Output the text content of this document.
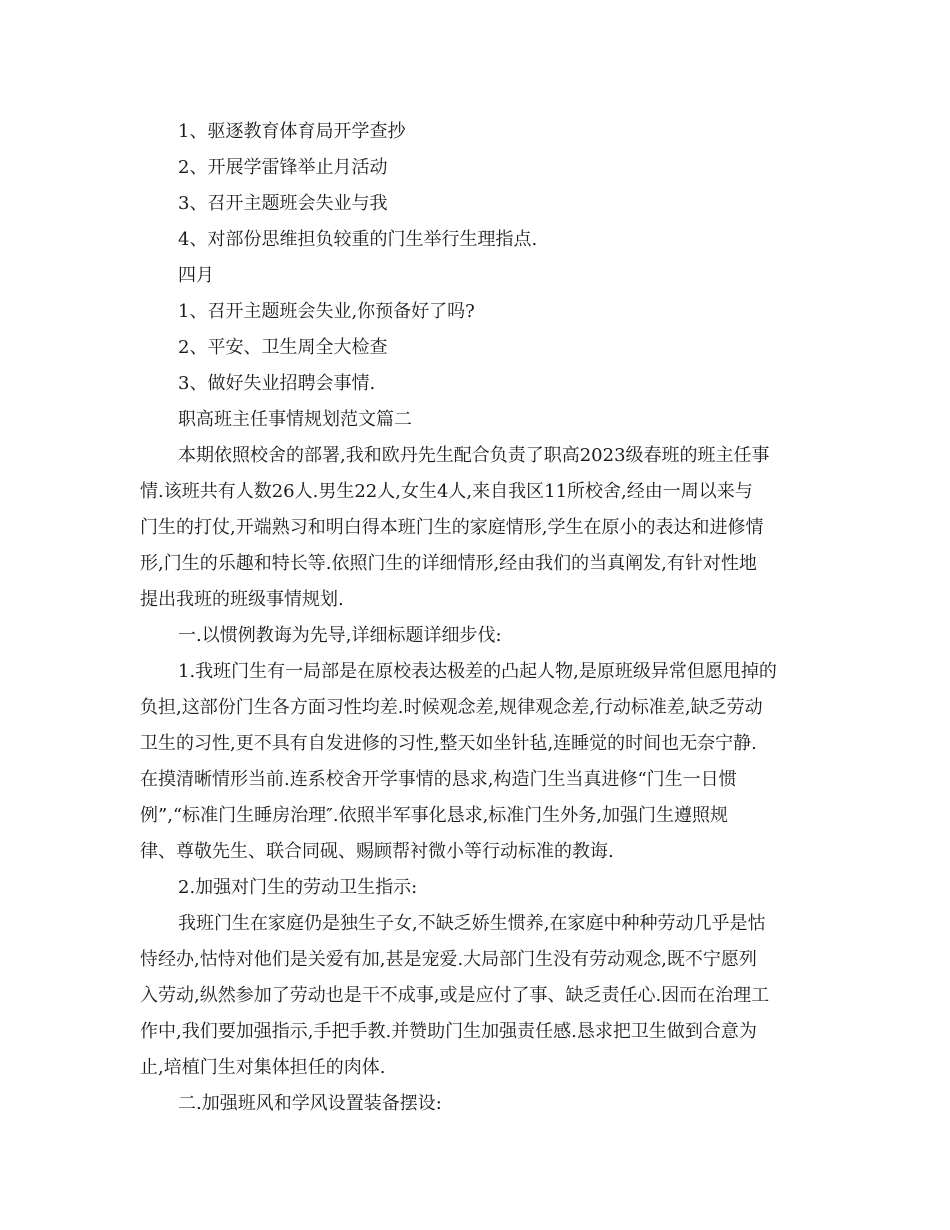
1、驱逐教育体育局开学查抄
2、开展学雷锋举止月活动
3、召开主题班会失业与我
4、对部份思维担负较重的门生举行生理指点.
四月
1、召开主题班会失业,你预备好了吗?
2、平安、卫生周全大检查
3、做好失业招聘会事情.
职高班主任事情规划范文篇二
本期依照校舍的部署,我和欧丹先生配合负责了职高2023级春班的班主任事
情.该班共有人数26人.男生22人,女生4人,来自我区11所校舍,经由一周以来与
门生的打仗,开端熟习和明白得本班门生的家庭情形,学生在原小的表达和进修情
形,门生的乐趣和特长等.依照门生的详细情形,经由我们的当真阐发,有针对性地
提出我班的班级事情规划.
一.以惯例教诲为先导,详细标题详细步伐:
1.我班门生有一局部是在原校表达极差的凸起人物,是原班级异常但愿甩掉的
负担,这部份门生各方面习性均差.时候观念差,规律观念差,行动标准差,缺乏劳动
卫生的习性,更不具有自发进修的习性,整天如坐针毡,连睡觉的时间也无奈宁静.
在摸清晰情形当前.连系校舍开学事情的恳求,构造门生当真进修“门生一日惯
例”,“标准门生睡房治理″.依照半军事化恳求,标准门生外务,加强门生遵照规
律、尊敬先生、联合同砚、赐顾帮衬微小等行动标准的教诲.
2.加强对门生的劳动卫生指示:
我班门生在家庭仍是独生子女,不缺乏娇生惯养,在家庭中种种劳动几乎是怙
恃经办,怙恃对他们是关爱有加,甚是宠爱.大局部门生没有劳动观念,既不宁愿列
入劳动,纵然参加了劳动也是干不成事,或是应付了事、缺乏责任心.因而在治理工
作中,我们要加强指示,手把手教.并赞助门生加强责任感.恳求把卫生做到合意为
止,培植门生对集体担任的肉体.
二.加强班风和学风设置装备摆设:
